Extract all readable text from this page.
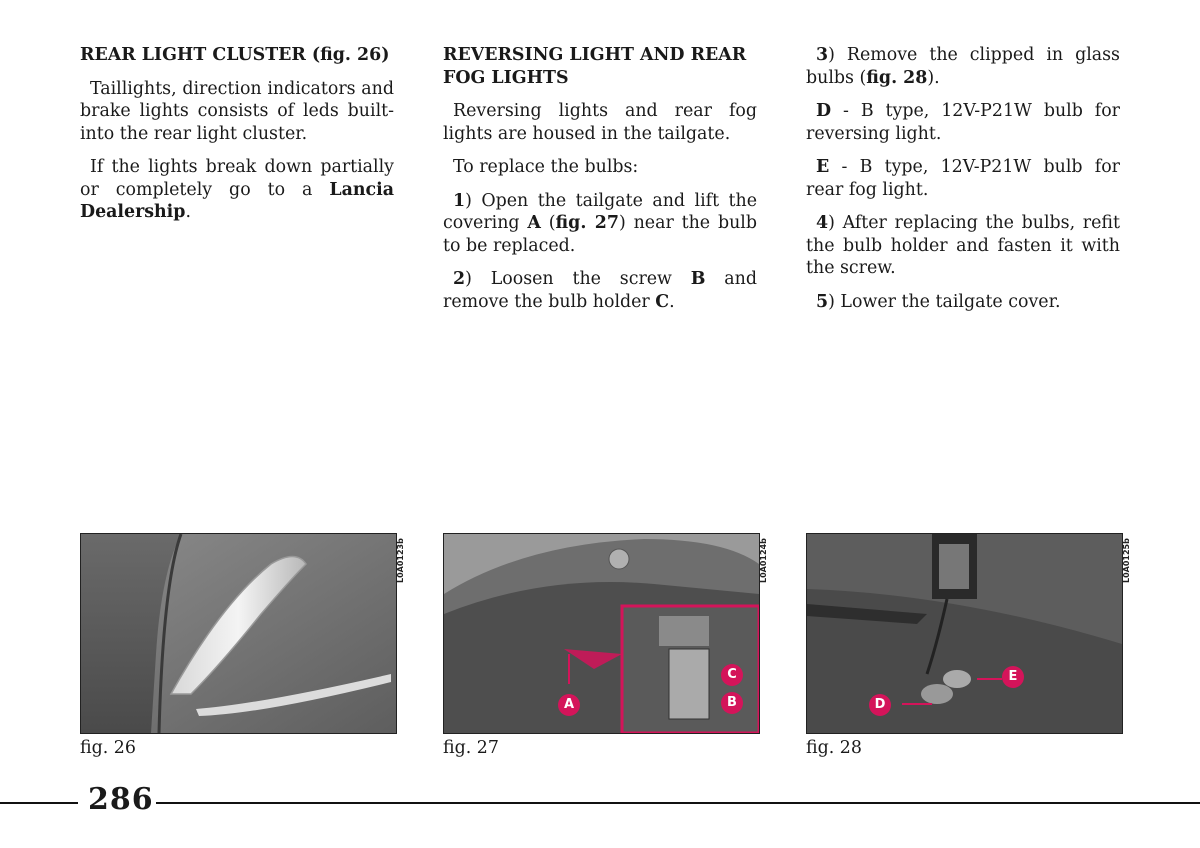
REAR LIGHT CLUSTER (fig. 26)

Taillights, direction indicators and brake lights consists of leds built-into the rear light cluster.

If the lights break down partially or completely go to a Lancia Dealership.

REVERSING LIGHT AND REAR FOG LIGHTS

Reversing lights and rear fog lights are housed in the tailgate.

To replace the bulbs:

1) Open the tailgate and lift the covering A (fig. 27) near the bulb to be replaced.

2) Loosen the screw B and remove the bulb holder C.

3) Remove the clipped in glass bulbs (fig. 28).

D - B type, 12V-P21W bulb for reversing light.

E - B type, 12V-P21W bulb for rear fog light.

4) After replacing the bulbs, refit the bulb holder and fasten it with the screw.

5) Lower the tailgate cover.

L0A0123b
fig. 26
L0A0124b
fig. 27
A	B
C
L0A0125b
fig. 28
D
E
286
